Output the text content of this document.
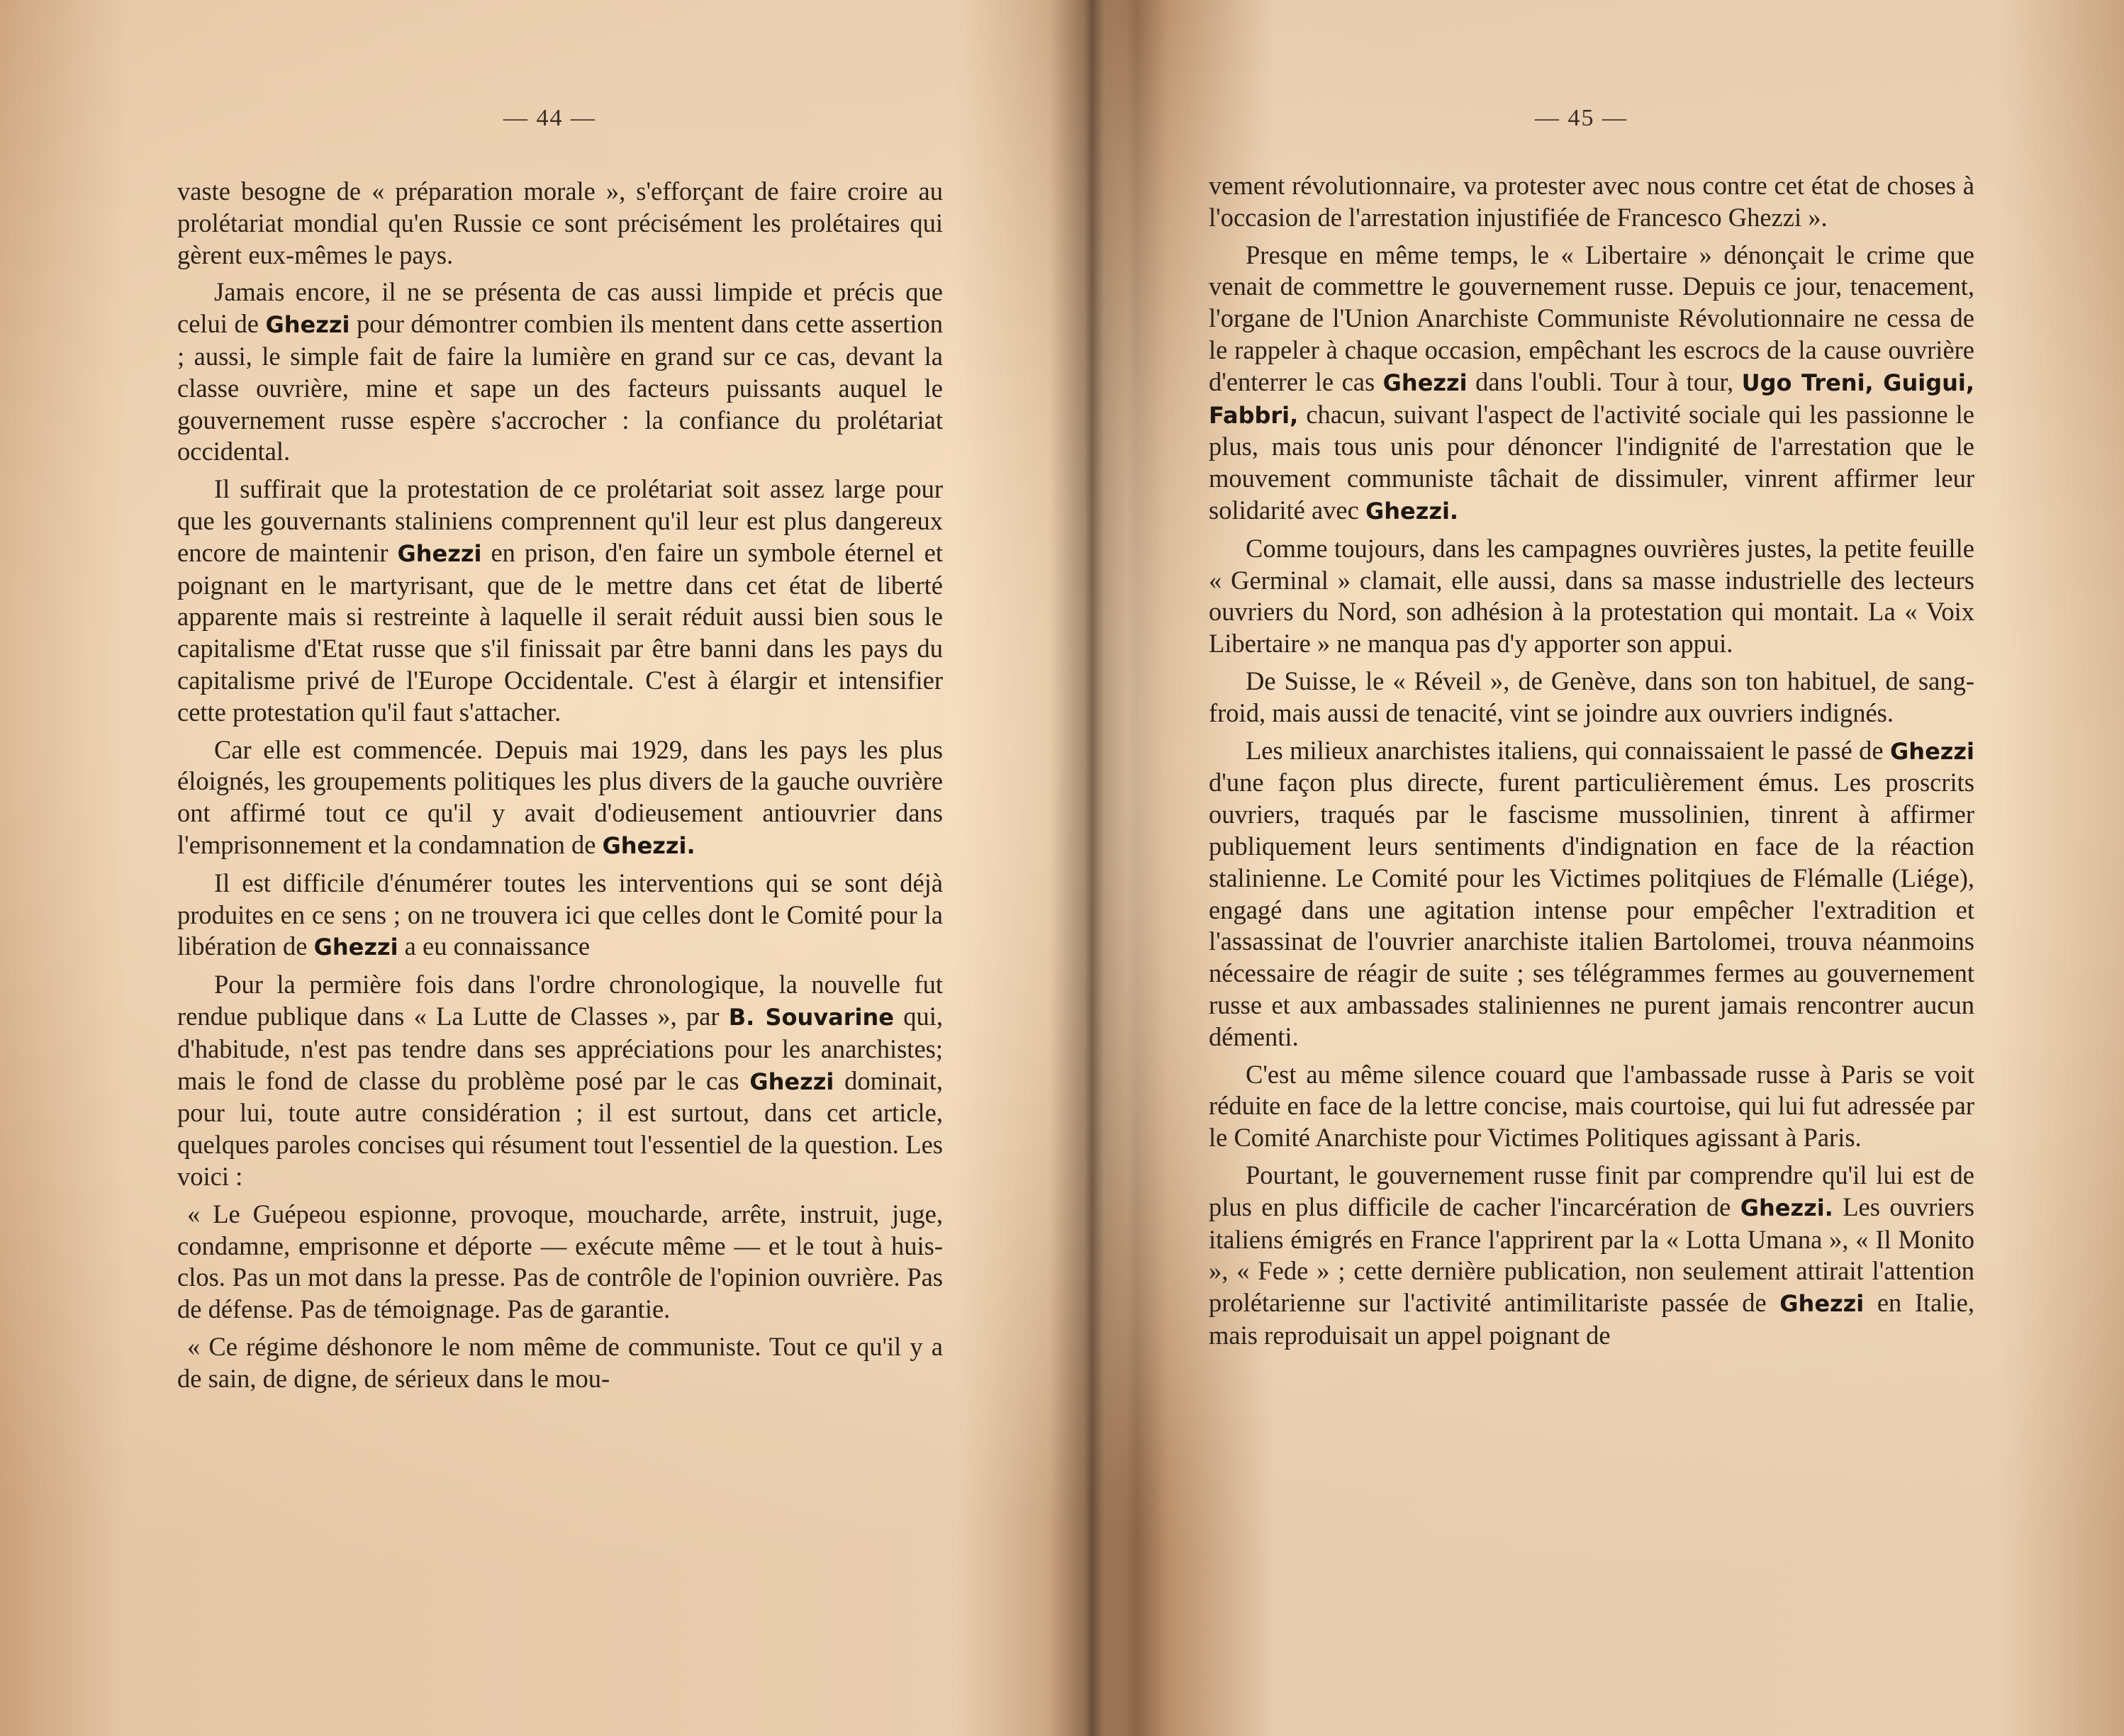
— 44 —

vaste besogne de « préparation morale », s'efforçant de faire croire au prolétariat mondial qu'en Russie ce sont précisément les prolétaires qui gèrent eux-mêmes le pays.

Jamais encore, il ne se présenta de cas aussi limpide et précis que celui de Ghezzi pour démontrer combien ils mentent dans cette assertion ; aussi, le simple fait de faire la lumière en grand sur ce cas, devant la classe ouvrière, mine et sape un des facteurs puissants auquel le gouvernement russe espère s'accrocher : la confiance du prolétariat occidental.

Il suffirait que la protestation de ce prolétariat soit assez large pour que les gouvernants staliniens comprennent qu'il leur est plus dangereux encore de maintenir Ghezzi en prison, d'en faire un symbole éternel et poignant en le martyrisant, que de le mettre dans cet état de liberté apparente mais si restreinte à laquelle il serait réduit aussi bien sous le capitalisme d'Etat russe que s'il finissait par être banni dans les pays du capitalisme privé de l'Europe Occidentale. C'est à élargir et intensifier cette protestation qu'il faut s'attacher.

Car elle est commencée. Depuis mai 1929, dans les pays les plus éloignés, les groupements politiques les plus divers de la gauche ouvrière ont affirmé tout ce qu'il y avait d'odieusement antiouvrier dans l'emprisonnement et la condamnation de Ghezzi.

Il est difficile d'énumérer toutes les interventions qui se sont déjà produites en ce sens ; on ne trouvera ici que celles dont le Comité pour la libération de Ghezzi a eu connaissance

Pour la permière fois dans l'ordre chronologique, la nouvelle fut rendue publique dans « La Lutte de Classes », par B. Souvarine qui, d'habitude, n'est pas tendre dans ses appréciations pour les anarchistes; mais le fond de classe du problème posé par le cas Ghezzi dominait, pour lui, toute autre considération ; il est surtout, dans cet article, quelques paroles concises qui résument tout l'essentiel de la question. Les voici :

« Le Guépeou espionne, provoque, moucharde, arrête, instruit, juge, condamne, emprisonne et déporte — exécute même — et le tout à huis-clos. Pas un mot dans la presse. Pas de contrôle de l'opinion ouvrière. Pas de défense. Pas de témoignage. Pas de garantie.

« Ce régime déshonore le nom même de communiste. Tout ce qu'il y a de sain, de digne, de sérieux dans le mou-

— 45 —

vement révolutionnaire, va protester avec nous contre cet état de choses à l'occasion de l'arrestation injustifiée de Francesco Ghezzi ».

Presque en même temps, le « Libertaire » dénonçait le crime que venait de commettre le gouvernement russe. Depuis ce jour, tenacement, l'organe de l'Union Anarchiste Communiste Révolutionnaire ne cessa de le rappeler à chaque occasion, empêchant les escrocs de la cause ouvrière d'enterrer le cas Ghezzi dans l'oubli. Tour à tour, Ugo Treni, Guigui, Fabbri, chacun, suivant l'aspect de l'activité sociale qui les passionne le plus, mais tous unis pour dénoncer l'indignité de l'arrestation que le mouvement communiste tâchait de dissimuler, vinrent affirmer leur solidarité avec Ghezzi.

Comme toujours, dans les campagnes ouvrières justes, la petite feuille « Germinal » clamait, elle aussi, dans sa masse industrielle des lecteurs ouvriers du Nord, son adhésion à la protestation qui montait. La « Voix Libertaire » ne manqua pas d'y apporter son appui.

De Suisse, le « Réveil », de Genève, dans son ton habituel, de sang-froid, mais aussi de tenacité, vint se joindre aux ouvriers indignés.

Les milieux anarchistes italiens, qui connaissaient le passé de Ghezzi d'une façon plus directe, furent particulièrement émus. Les proscrits ouvriers, traqués par le fascisme mussolinien, tinrent à affirmer publiquement leurs sentiments d'indignation en face de la réaction stalinienne. Le Comité pour les Victimes politqiues de Flémalle (Liége), engagé dans une agitation intense pour empêcher l'extradition et l'assassinat de l'ouvrier anarchiste italien Bartolomei, trouva néanmoins nécessaire de réagir de suite ; ses télégrammes fermes au gouvernement russe et aux ambassades staliniennes ne purent jamais rencontrer aucun démenti.

C'est au même silence couard que l'ambassade russe à Paris se voit réduite en face de la lettre concise, mais courtoise, qui lui fut adressée par le Comité Anarchiste pour Victimes Politiques agissant à Paris.

Pourtant, le gouvernement russe finit par comprendre qu'il lui est de plus en plus difficile de cacher l'incarcération de Ghezzi. Les ouvriers italiens émigrés en France l'apprirent par la « Lotta Umana », « Il Monito », « Fede » ; cette dernière publication, non seulement attirait l'attention prolétarienne sur l'activité antimilitariste passée de Ghezzi en Italie, mais reproduisait un appel poignant de
